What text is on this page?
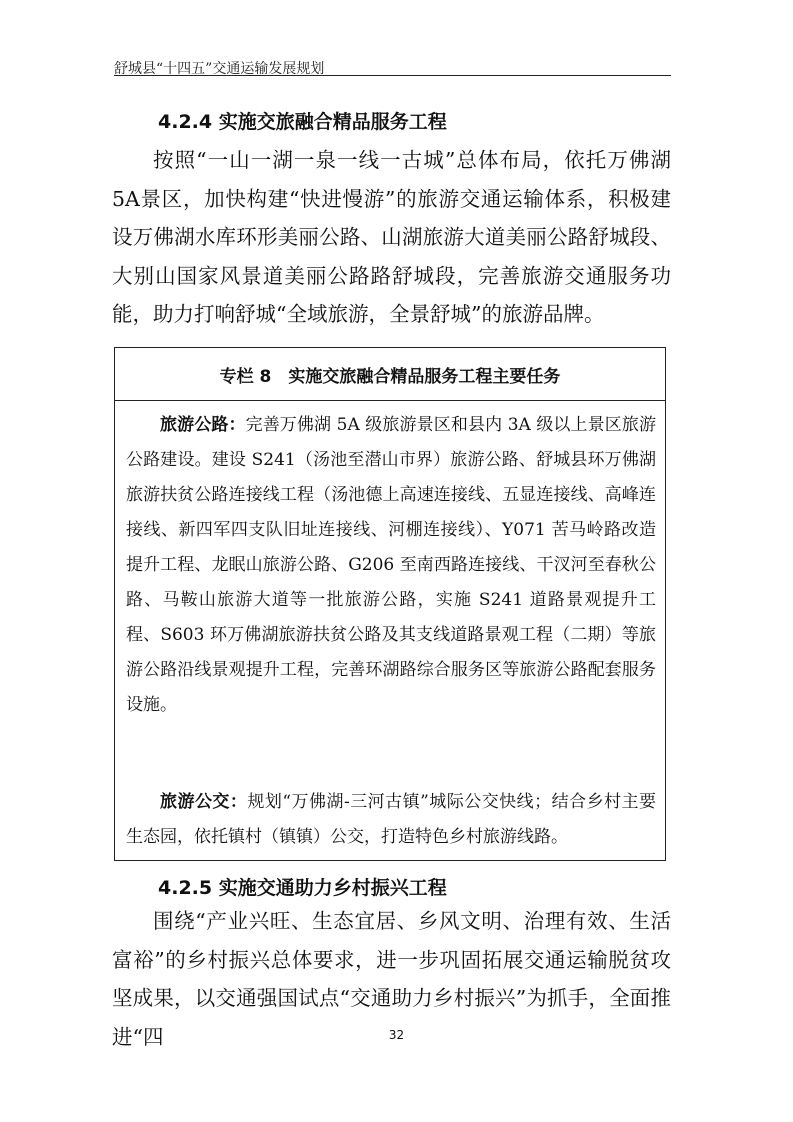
舒城县“十四五”交通运输发展规划
4.2.4 实施交旅融合精品服务工程

按照“一山一湖一泉一线一古城”总体布局，依托万佛湖5A景区，加快构建“快进慢游”的旅游交通运输体系，积极建设万佛湖水库环形美丽公路、山湖旅游大道美丽公路舒城段、大别山国家风景道美丽公路路舒城段，完善旅游交通服务功能，助力打响舒城“全域旅游，全景舒城”的旅游品牌。

专栏 8　实施交旅融合精品服务工程主要任务

旅游公路：完善万佛湖 5A 级旅游景区和县内 3A 级以上景区旅游公路建设。建设 S241（汤池至潜山市界）旅游公路、舒城县环万佛湖旅游扶贫公路连接线工程（汤池德上高速连接线、五显连接线、高峰连接线、新四军四支队旧址连接线、河棚连接线）、Y071 苦马岭路改造提升工程、龙眠山旅游公路、G206 至南西路连接线、干汊河至春秋公路、马鞍山旅游大道等一批旅游公路，实施 S241 道路景观提升工程、S603 环万佛湖旅游扶贫公路及其支线道路景观工程（二期）等旅游公路沿线景观提升工程，完善环湖路综合服务区等旅游公路配套服务设施。

旅游公交：规划“万佛湖-三河古镇”城际公交快线；结合乡村主要生态园，依托镇村（镇镇）公交，打造特色乡村旅游线路。

4.2.5 实施交通助力乡村振兴工程

围绕“产业兴旺、生态宜居、乡风文明、治理有效、生活富裕”的乡村振兴总体要求，进一步巩固拓展交通运输脱贫攻坚成果，以交通强国试点“交通助力乡村振兴”为抓手，全面推进“四	32
